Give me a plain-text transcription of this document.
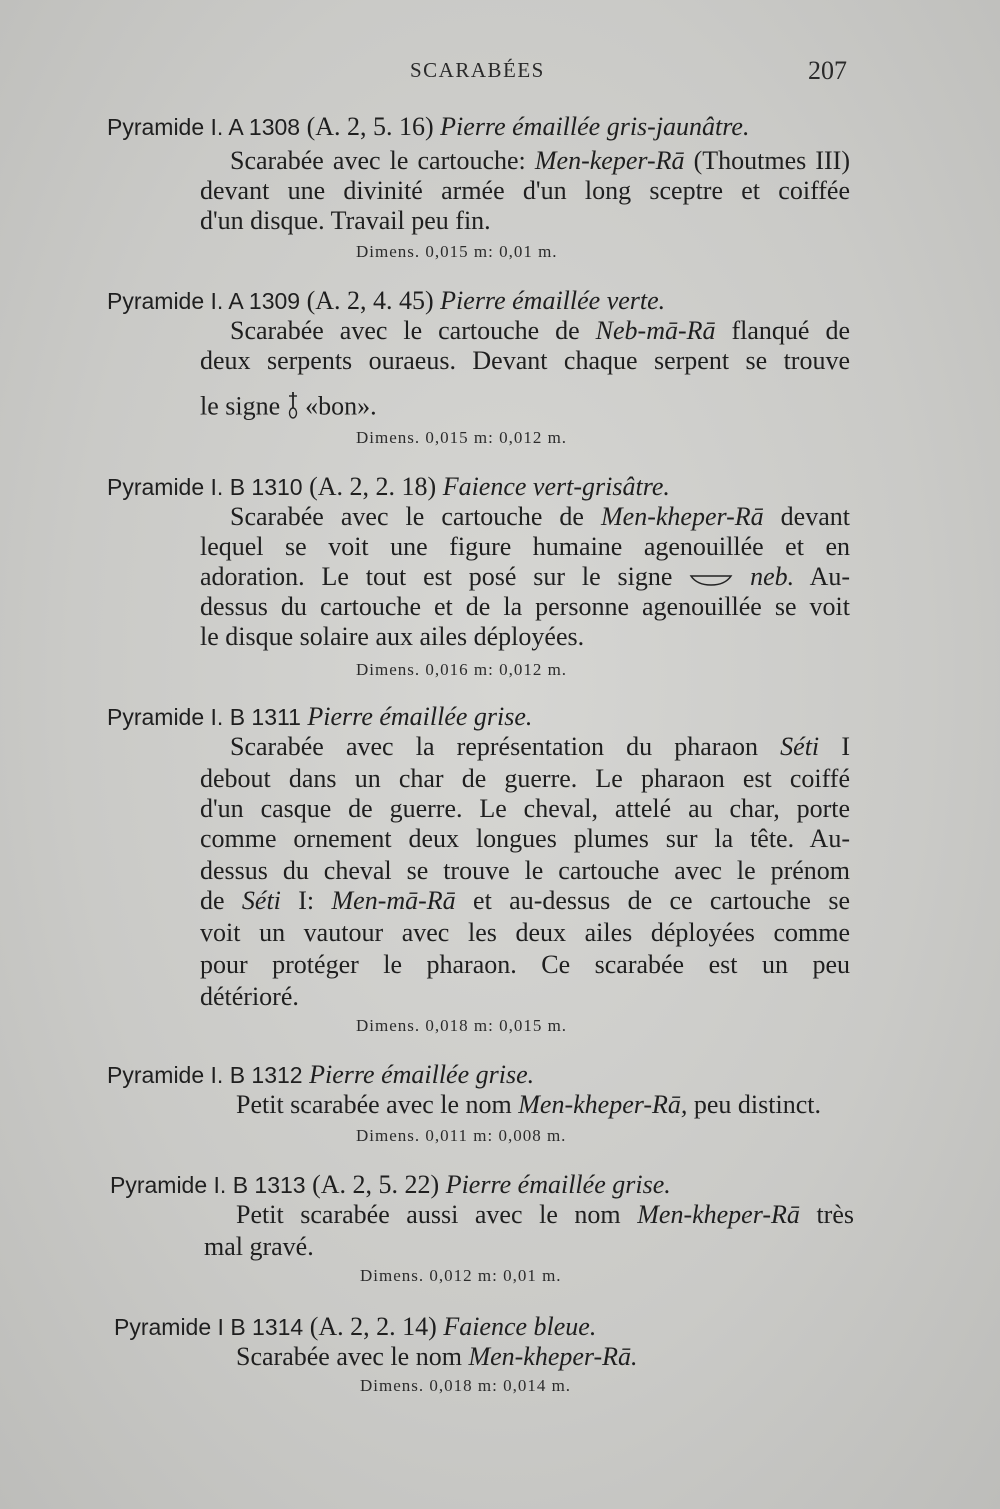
SCARABÉES	207
Pyramide I. A 1308 (A. 2, 5. 16) Pierre émaillée gris-jaunâtre.
Scarabée avec le cartouche: Men-keper-Rā (Thoutmes III)
devant une divinité armée d'un long sceptre et coiffée
d'un disque. Travail peu fin.
Dimens. 0,015 m: 0,01 m.
Pyramide I. A 1309 (A. 2, 4. 45) Pierre émaillée verte.
Scarabée avec le cartouche de Neb-mā-Rā flanqué de
deux serpents ouraeus. Devant chaque serpent se trouve
le signe  «bon».
Dimens. 0,015 m: 0,012 m.
Pyramide I. B 1310 (A. 2, 2. 18) Faience vert-grisâtre.
Scarabée avec le cartouche de Men-kheper-Rā devant
lequel se voit une figure humaine agenouillée et en
adoration. Le tout est posé sur le signe  neb. Au-
dessus du cartouche et de la personne agenouillée se voit
le disque solaire aux ailes déployées.
Dimens. 0,016 m: 0,012 m.
Pyramide I. B 1311 Pierre émaillée grise.
Scarabée avec la représentation du pharaon Séti I
debout dans un char de guerre. Le pharaon est coiffé
d'un casque de guerre. Le cheval, attelé au char, porte
comme ornement deux longues plumes sur la tête. Au-
dessus du cheval se trouve le cartouche avec le prénom
de Séti I: Men-mā-Rā et au-dessus de ce cartouche se
voit un vautour avec les deux ailes déployées comme
pour protéger le pharaon. Ce scarabée est un peu
détérioré.
Dimens. 0,018 m: 0,015 m.
Pyramide I. B 1312 Pierre émaillée grise.
Petit scarabée avec le nom Men-kheper-Rā, peu distinct.
Dimens. 0,011 m: 0,008 m.
Pyramide I. B 1313 (A. 2, 5. 22) Pierre émaillée grise.
Petit scarabée aussi avec le nom Men-kheper-Rā très
mal gravé.
Dimens. 0,012 m: 0,01 m.
Pyramide I B 1314 (A. 2, 2. 14) Faience bleue.
Scarabée avec le nom Men-kheper-Rā.
Dimens. 0,018 m: 0,014 m.
